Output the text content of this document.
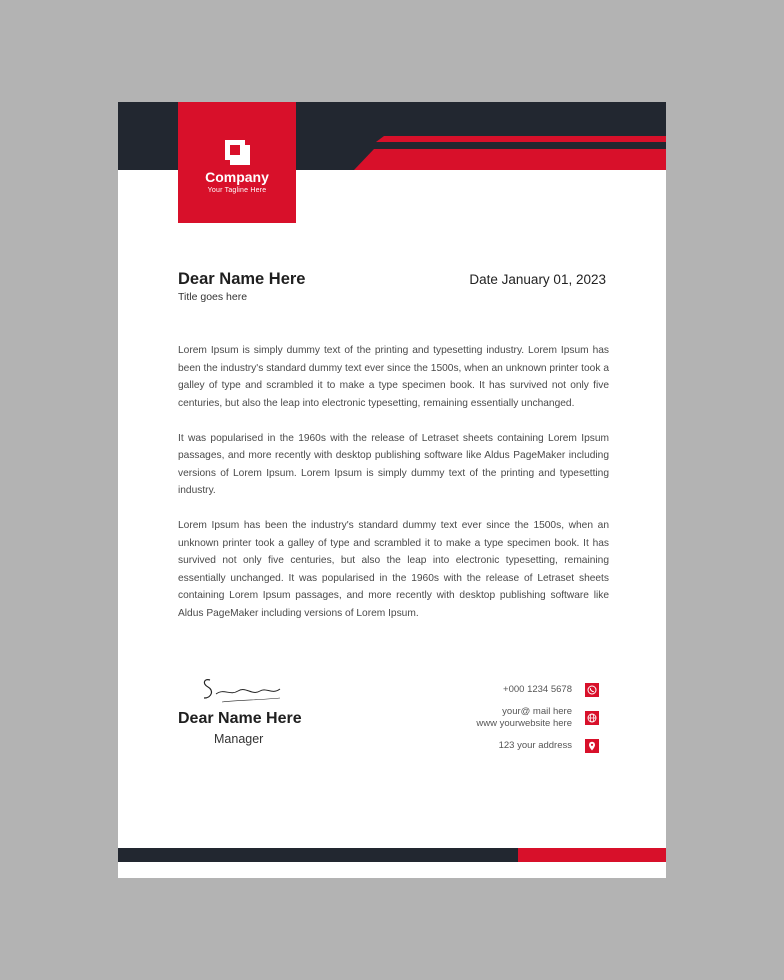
Company
Your Tagline Here
Dear Name Here
Title goes here
Date January 01, 2023

Lorem Ipsum is simply dummy text of the printing and typesetting industry. Lorem Ipsum has been the industry's standard dummy text ever since the 1500s, when an unknown printer took a galley of type and scrambled it to make a type specimen book. It has survived not only five centuries, but also the leap into electronic typesetting, remaining essentially unchanged.

It was popularised in the 1960s with the release of Letraset sheets containing Lorem Ipsum passages, and more recently with desktop publishing software like Aldus PageMaker including versions of Lorem Ipsum. Lorem Ipsum is simply dummy text of the printing and typesetting industry.

Lorem Ipsum has been the industry's standard dummy text ever since the 1500s, when an unknown printer took a galley of type and scrambled it to make a type specimen book. It has survived not only five centuries, but also the leap into electronic typesetting, remaining essentially unchanged. It was popularised in the 1960s with the release of Letraset sheets containing Lorem Ipsum passages, and more recently with desktop publishing software like Aldus PageMaker including versions of Lorem Ipsum.

Dear Name Here
Manager
+000 1234 5678
your@ mail here
www yourwebsite here
123 your address
